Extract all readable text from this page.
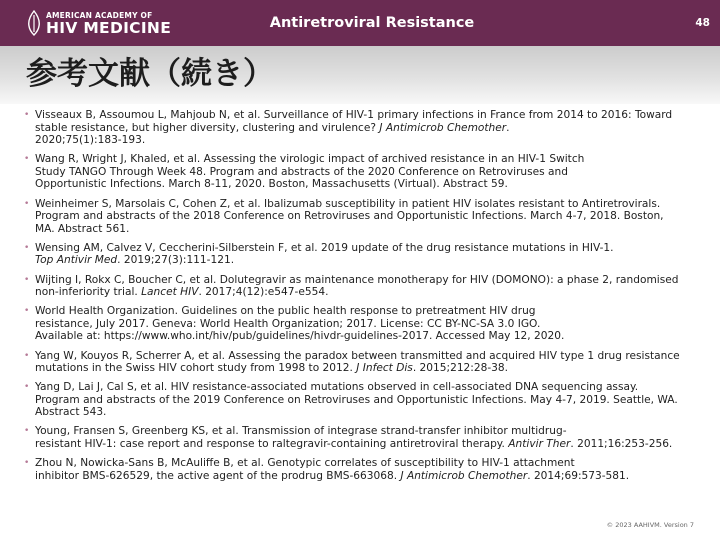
AMERICAN ACADEMY OF
HIV MEDICINE	Antiretroviral Resistance	48
参考文献（続き）
• Visseaux B, Assoumou L, Mahjoub N, et al. Surveillance of HIV-1 primary infections in France from 2014 to 2016: Toward
stable resistance, but higher diversity, clustering and virulence? J Antimicrob Chemother.
2020;75(1):183-193.
• Wang R, Wright J, Khaled, et al. Assessing the virologic impact of archived resistance in an HIV-1 Switch
Study TANGO Through Week 48. Program and abstracts of the 2020 Conference on Retroviruses and
Opportunistic Infections. March 8-11, 2020. Boston, Massachusetts (Virtual). Abstract 59.
• Weinheimer S, Marsolais C, Cohen Z, et al. Ibalizumab susceptibility in patient HIV isolates resistant to Antiretrovirals.
Program and abstracts of the 2018 Conference on Retroviruses and Opportunistic Infections. March 4-7, 2018. Boston,
MA. Abstract 561.
• Wensing AM, Calvez V, Ceccherini-Silberstein F, et al. 2019 update of the drug resistance mutations in HIV-1.
Top Antivir Med. 2019;27(3):111-121.
• Wijting I, Rokx C, Boucher C, et al. Dolutegravir as maintenance monotherapy for HIV (DOMONO): a phase 2, randomised
non-inferiority trial. Lancet HIV. 2017;4(12):e547-e554.
• World Health Organization. Guidelines on the public health response to pretreatment HIV drug
resistance, July 2017. Geneva: World Health Organization; 2017. License: CC BY-NC-SA 3.0 IGO.
Available at: https://www.who.int/hiv/pub/guidelines/hivdr-guidelines-2017. Accessed May 12, 2020.
• Yang W, Kouyos R, Scherrer A, et al. Assessing the paradox between transmitted and acquired HIV type 1 drug resistance
mutations in the Swiss HIV cohort study from 1998 to 2012. J Infect Dis. 2015;212:28-38.
• Yang D, Lai J, Cal S, et al. HIV resistance-associated mutations observed in cell-associated DNA sequencing assay.
Program and abstracts of the 2019 Conference on Retroviruses and Opportunistic Infections. May 4-7, 2019. Seattle, WA.
Abstract 543.
• Young, Fransen S, Greenberg KS, et al. Transmission of integrase strand-transfer inhibitor multidrug-
resistant HIV-1: case report and response to raltegravir-containing antiretroviral therapy. Antivir Ther. 2011;16:253-256.
• Zhou N, Nowicka-Sans B, McAuliffe B, et al. Genotypic correlates of susceptibility to HIV-1 attachment
inhibitor BMS-626529, the active agent of the prodrug BMS-663068. J Antimicrob Chemother. 2014;69:573-581.
© 2023 AAHIVM. Version 7
